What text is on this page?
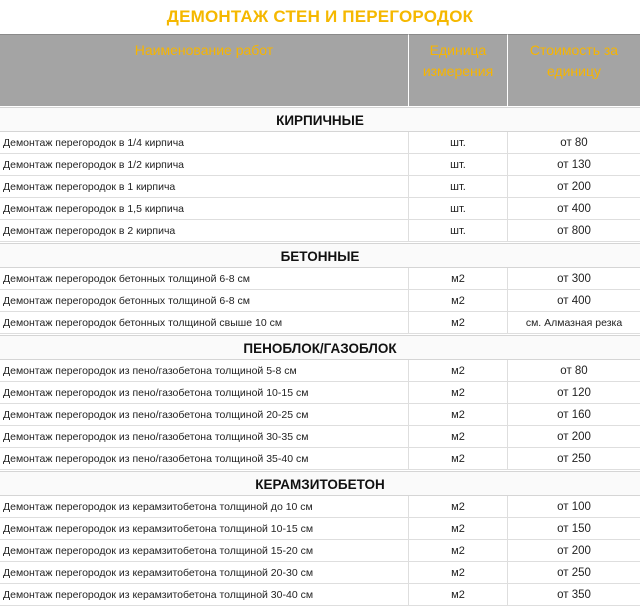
ДЕМОНТАЖ СТЕН И ПЕРЕГОРОДОК
Наименование работ	Единица измерения	Стоимость за единицу

КИРПИЧНЫЕ		
Демонтаж перегородок в 1/4 кирпича	шт.	от 80
Демонтаж перегородок в 1/2 кирпича	шт.	от 130
Демонтаж перегородок в 1 кирпича	шт.	от 200
Демонтаж перегородок в 1,5 кирпича	шт.	от 400
Демонтаж перегородок в 2 кирпича	шт.	от 800

БЕТОННЫЕ		
Демонтаж перегородок бетонных толщиной 6-8 см	м2	от 300
Демонтаж перегородок бетонных толщиной 6-8 см	м2	от 400
Демонтаж перегородок бетонных толщиной свыше 10 см	м2	см. Алмазная резка

ПЕНОБЛОК/ГАЗОБЛОК		
Демонтаж перегородок из пено/газобетона толщиной 5-8 см	м2	от 80
Демонтаж перегородок из пено/газобетона толщиной 10-15 см	м2	от 120
Демонтаж перегородок из пено/газобетона толщиной 20-25 см	м2	от 160
Демонтаж перегородок из пено/газобетона толщиной 30-35 см	м2	от 200
Демонтаж перегородок из пено/газобетона толщиной 35-40 см	м2	от 250

КЕРАМЗИТОБЕТОН		
Демонтаж перегородок из керамзитобетона толщиной до 10 см	м2	от 100
Демонтаж перегородок из керамзитобетона толщиной 10-15 см	м2	от 150
Демонтаж перегородок из керамзитобетона толщиной 15-20 см	м2	от 200
Демонтаж перегородок из керамзитобетона толщиной 20-30 см	м2	от 250
Демонтаж перегородок из керамзитобетона толщиной 30-40 см	м2	от 350
